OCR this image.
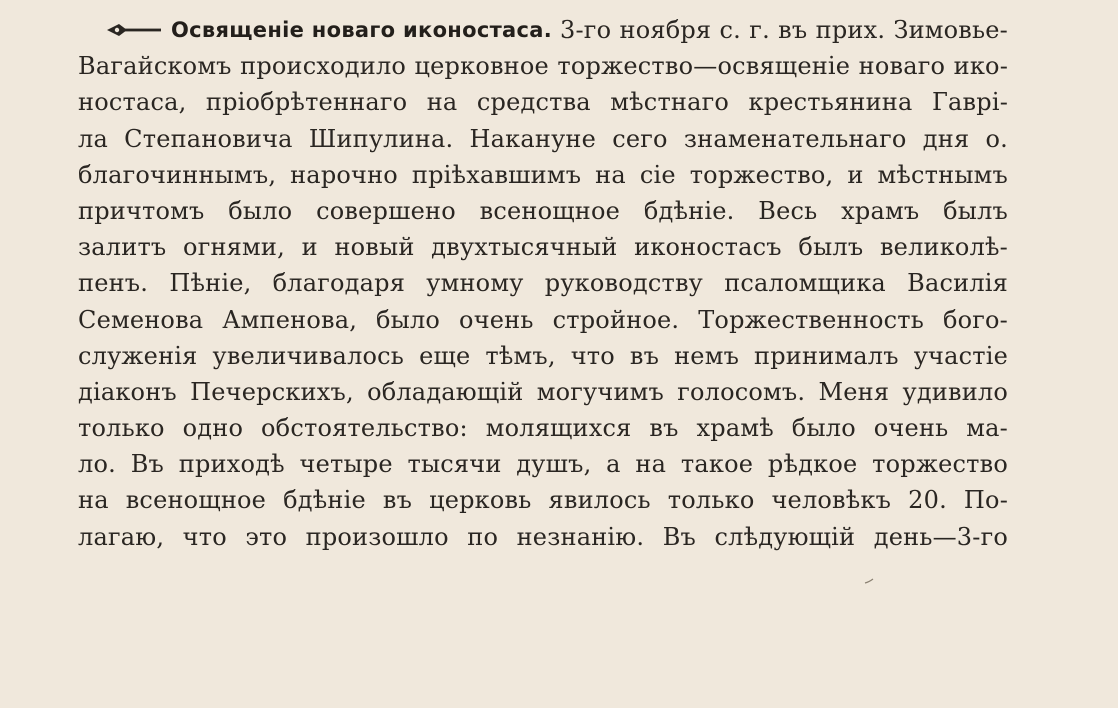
Освященіе новаго иконостаса. 3-го ноября с. г. въ прих. Зимовье-
Вагайскомъ происходило церковное торжество—освященіе новаго ико-
ностаса, пріобрѣтеннаго на средства мѣстнаго крестьянина Гаврі-
ла Степановича Шипулина. Накануне сего знаменательнаго дня о.
благочиннымъ, нарочно пріѣхавшимъ на сіе торжество, и мѣстнымъ
причтомъ было совершено всенощное бдѣніе. Весь храмъ былъ
залитъ огнями, и новый двухтысячный иконостасъ былъ великолѣ-
пенъ. Пѣніе, благодаря умному руководству псаломщика Василія
Семенова Ампенова, было очень стройное. Торжественность бого-
служенія увеличивалось еще тѣмъ, что въ немъ принималъ участіе
діаконъ Печерскихъ, обладающій могучимъ голосомъ. Меня удивило
только одно обстоятельство: молящихся въ храмѣ было очень ма-
ло. Въ приходѣ четыре тысячи душъ, а на такое рѣдкое торжество
на всенощное бдѣніе въ церковь явилось только человѣкъ 20. По-
лагаю, что это произошло по незнанію. Въ слѣдующій день—3-го
